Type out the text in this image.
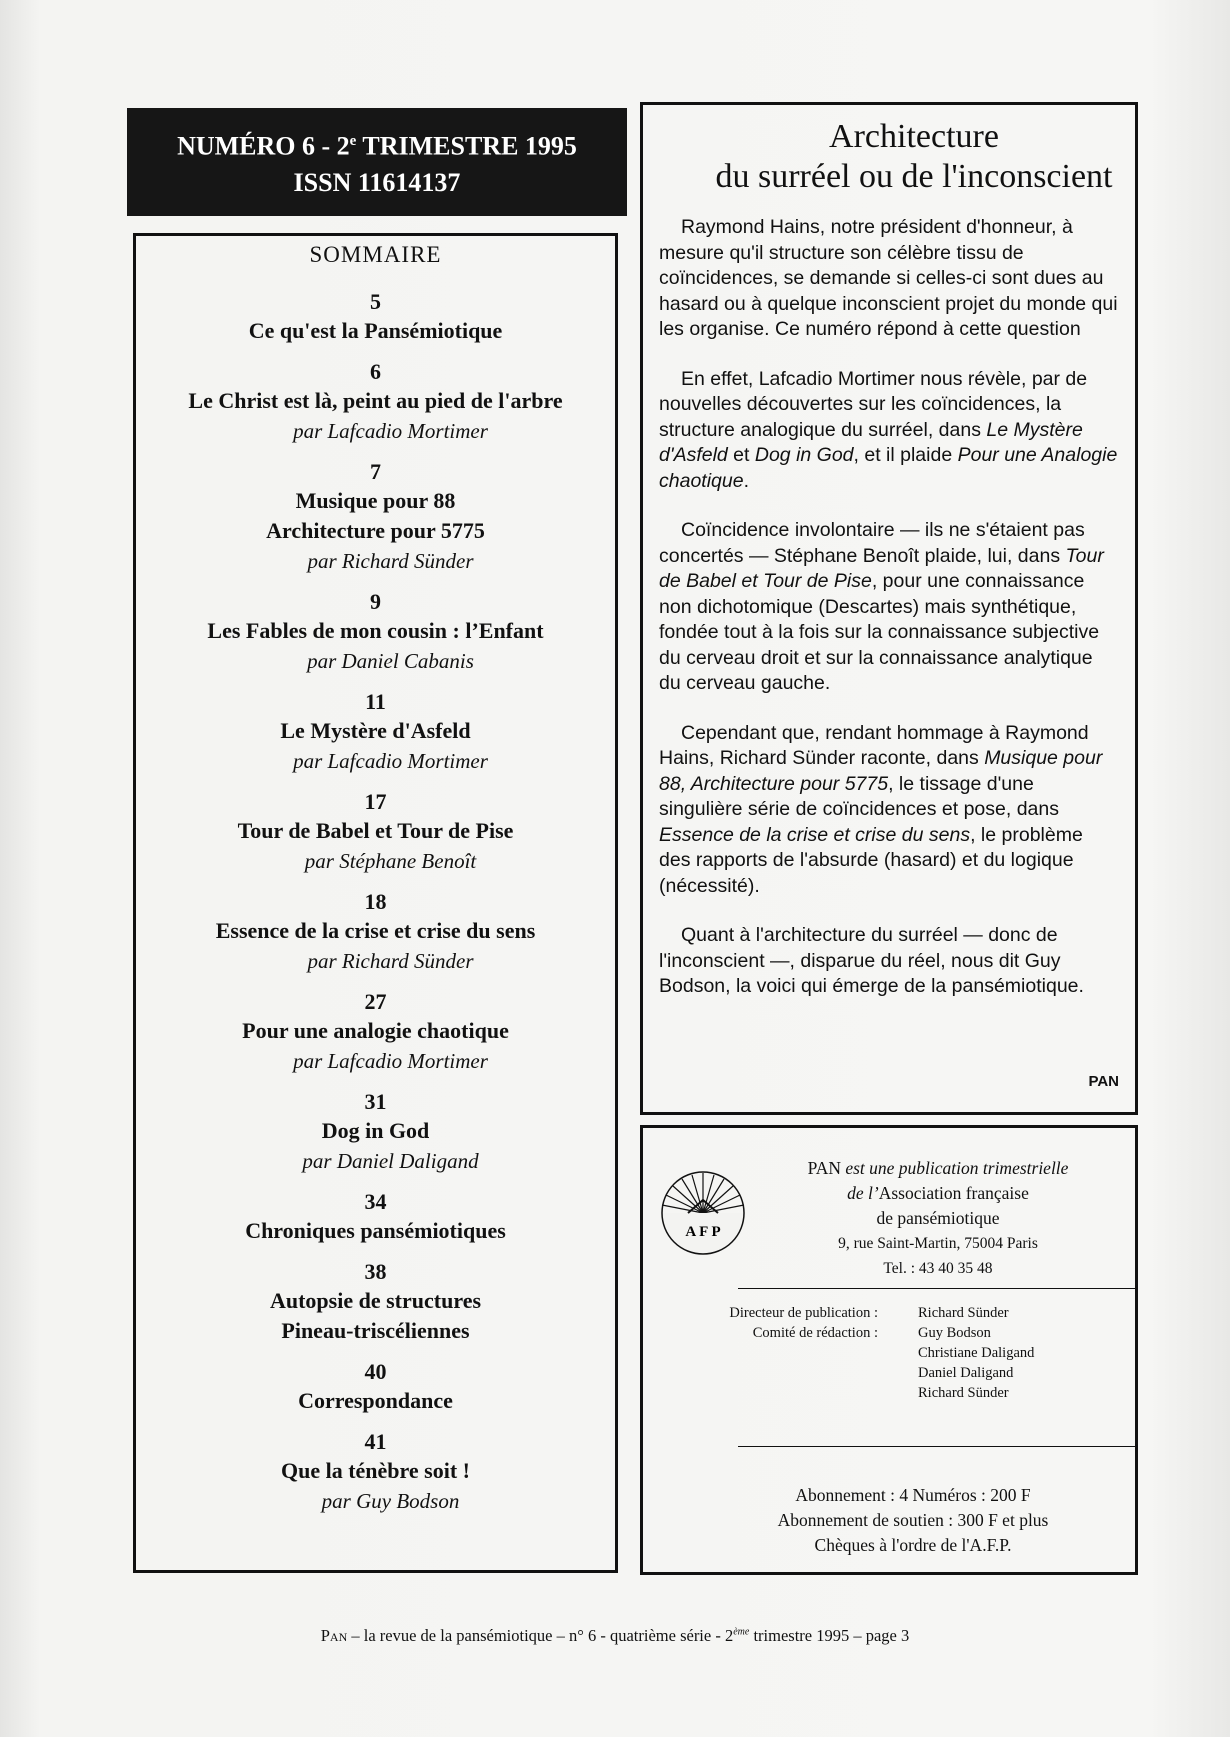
NUMÉRO 6 - 2e TRIMESTRE 1995
ISSN 11614137
SOMMAIRE
5
Ce qu'est la Pansémiotique
6
Le Christ est là, peint au pied de l'arbre
par Lafcadio Mortimer
7
Musique pour 88
Architecture pour 5775
par Richard Sünder
9
Les Fables de mon cousin : l’Enfant
par Daniel Cabanis
11
Le Mystère d'Asfeld
par Lafcadio Mortimer
17
Tour de Babel et Tour de Pise
par Stéphane Benoît
18
Essence de la crise et crise du sens
par Richard Sünder
27
Pour une analogie chaotique
par Lafcadio Mortimer
31
Dog in God
par Daniel Daligand
34
Chroniques pansémiotiques
38
Autopsie de structures
Pineau-triscéliennes
40
Correspondance
41
Que la ténèbre soit !
par Guy Bodson
Architecture
du surréel ou de l'inconscient

Raymond Hains, notre président d'honneur, à mesure qu'il structure son célèbre tissu de coïncidences, se demande si celles-ci sont dues au hasard ou à quelque inconscient projet du monde qui les organise. Ce numéro répond à cette question

En effet, Lafcadio Mortimer nous révèle, par de nouvelles découvertes sur les coïncidences, la structure analogique du surréel, dans Le Mystère d'Asfeld et Dog in God, et il plaide Pour une Analogie chaotique.

Coïncidence involontaire — ils ne s'étaient pas concertés — Stéphane Benoît plaide, lui, dans Tour de Babel et Tour de Pise, pour une connaissance non dichotomique (Descartes) mais synthétique, fondée tout à la fois sur la connaissance subjective du cerveau droit et sur la connaissance analytique du cerveau gauche.

Cependant que, rendant hommage à Raymond Hains, Richard Sünder raconte, dans Musique pour 88, Architecture pour 5775, le tissage d'une singulière série de coïncidences et pose, dans Essence de la crise et crise du sens, le problème des rapports de l'absurde (hasard) et du logique (nécessité).

Quant à l'architecture du surréel — donc de l'inconscient —, disparue du réel, nous dit Guy Bodson, la voici qui émerge de la pansémiotique.

PAN
A F P
PAN est une publication trimestrielle
de l’Association française
de pansémiotique
9, rue Saint-Martin, 75004 Paris
Tel. : 43 40 35 48
Directeur de publication :
Comité de rédaction :
Richard Sünder
Guy Bodson
Christiane Daligand
Daniel Daligand
Richard Sünder
Abonnement : 4 Numéros : 200 F
Abonnement de soutien : 300 F et plus
Chèques à l'ordre de l'A.F.P.
Pan – la revue de la pansémiotique – n° 6 - quatrième série - 2ème trimestre 1995 – page 3
